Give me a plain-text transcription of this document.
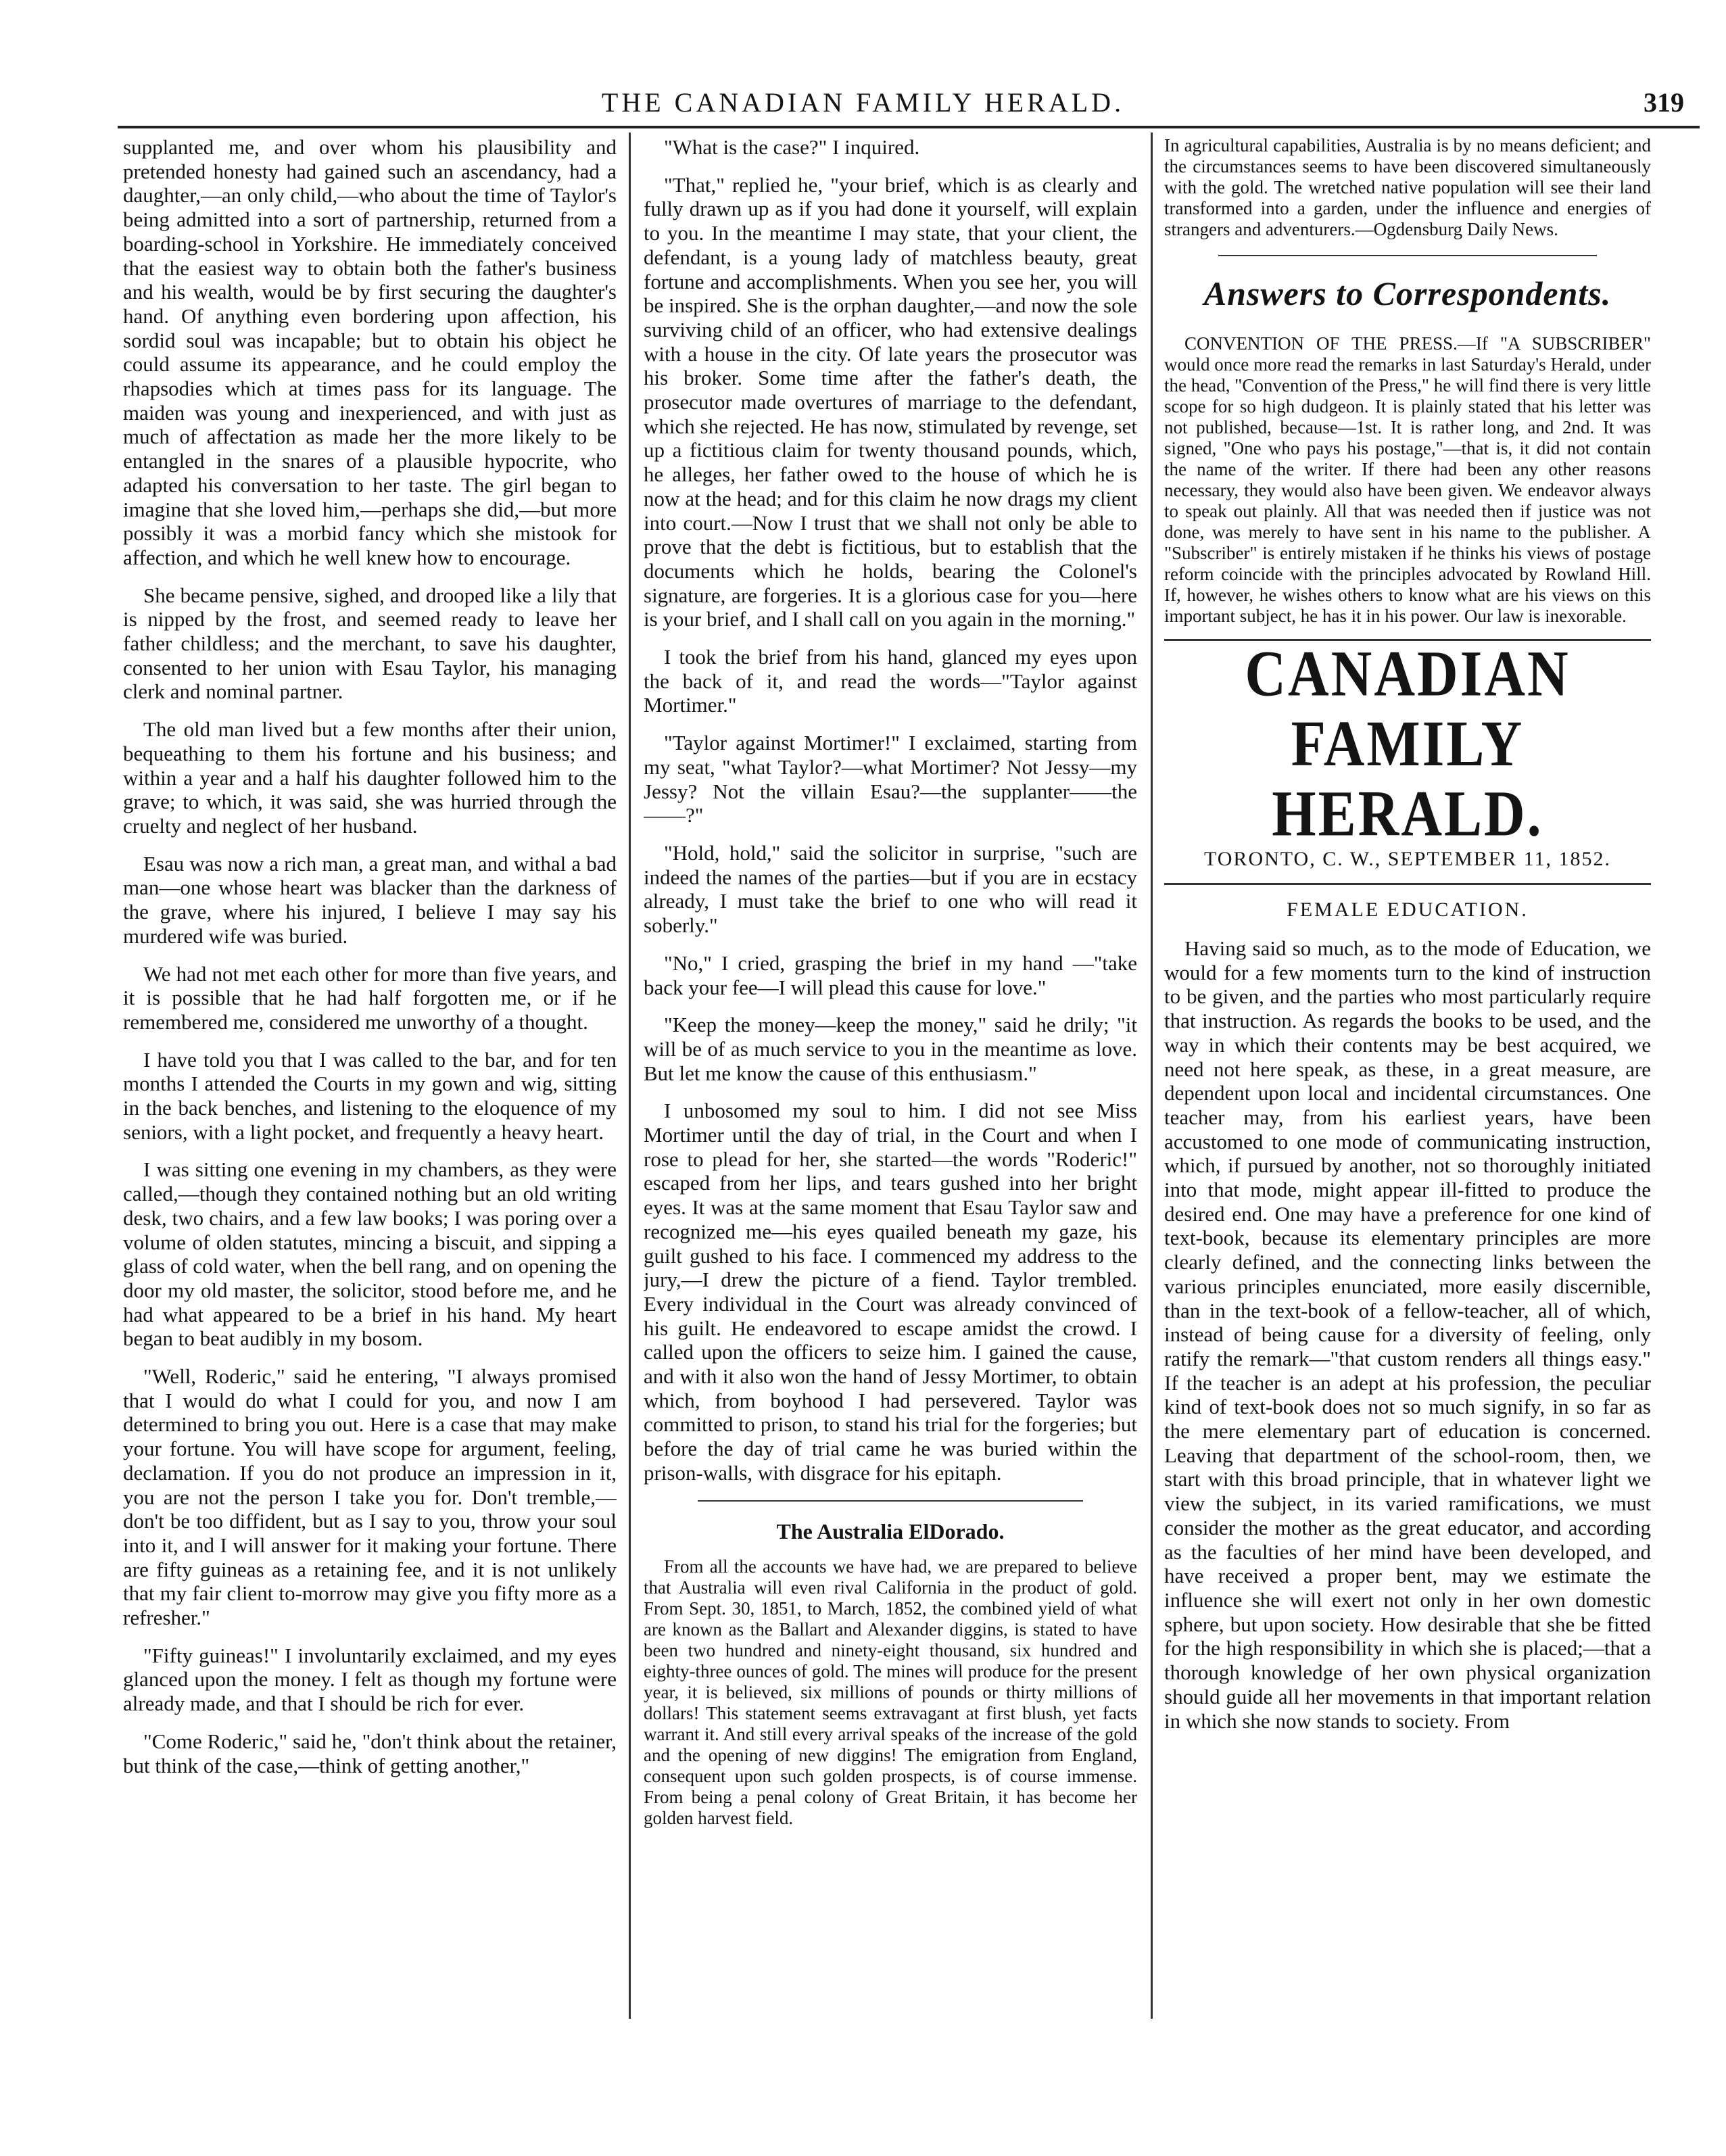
THE CANADIAN FAMILY HERALD.	319

supplanted me, and over whom his plausibility and pretended honesty had gained such an ascendancy, had a daughter,—an only child,—who about the time of Taylor's being admitted into a sort of partnership, returned from a boarding-school in Yorkshire. He immediately conceived that the easiest way to obtain both the father's business and his wealth, would be by first securing the daughter's hand. Of anything even bordering upon affection, his sordid soul was incapable; but to obtain his object he could assume its appearance, and he could employ the rhapsodies which at times pass for its language. The maiden was young and inexperienced, and with just as much of affectation as made her the more likely to be entangled in the snares of a plausible hypocrite, who adapted his conversation to her taste. The girl began to imagine that she loved him,—perhaps she did,—but more possibly it was a morbid fancy which she mistook for affection, and which he well knew how to encourage.

She became pensive, sighed, and drooped like a lily that is nipped by the frost, and seemed ready to leave her father childless; and the merchant, to save his daughter, consented to her union with Esau Taylor, his managing clerk and nominal partner.

The old man lived but a few months after their union, bequeathing to them his fortune and his business; and within a year and a half his daughter followed him to the grave; to which, it was said, she was hurried through the cruelty and neglect of her husband.

Esau was now a rich man, a great man, and withal a bad man—one whose heart was blacker than the darkness of the grave, where his injured, I believe I may say his murdered wife was buried.

We had not met each other for more than five years, and it is possible that he had half forgotten me, or if he remembered me, considered me unworthy of a thought.

I have told you that I was called to the bar, and for ten months I attended the Courts in my gown and wig, sitting in the back benches, and listening to the eloquence of my seniors, with a light pocket, and frequently a heavy heart.

I was sitting one evening in my chambers, as they were called,—though they contained nothing but an old writing desk, two chairs, and a few law books; I was poring over a volume of olden statutes, mincing a biscuit, and sipping a glass of cold water, when the bell rang, and on opening the door my old master, the solicitor, stood before me, and he had what appeared to be a brief in his hand. My heart began to beat audibly in my bosom.

"Well, Roderic," said he entering, "I always promised that I would do what I could for you, and now I am determined to bring you out. Here is a case that may make your fortune. You will have scope for argument, feeling, declamation. If you do not produce an impression in it, you are not the person I take you for. Don't tremble,—don't be too diffident, but as I say to you, throw your soul into it, and I will answer for it making your fortune. There are fifty guineas as a retaining fee, and it is not unlikely that my fair client to-morrow may give you fifty more as a refresher."

"Fifty guineas!" I involuntarily exclaimed, and my eyes glanced upon the money. I felt as though my fortune were already made, and that I should be rich for ever.

"Come Roderic," said he, "don't think about the retainer, but think of the case,—think of getting another,"

"What is the case?" I inquired.

"That," replied he, "your brief, which is as clearly and fully drawn up as if you had done it yourself, will explain to you. In the meantime I may state, that your client, the defendant, is a young lady of matchless beauty, great fortune and accomplishments. When you see her, you will be inspired. She is the orphan daughter,—and now the sole surviving child of an officer, who had extensive dealings with a house in the city. Of late years the prosecutor was his broker. Some time after the father's death, the prosecutor made overtures of marriage to the defendant, which she rejected. He has now, stimulated by revenge, set up a fictitious claim for twenty thousand pounds, which, he alleges, her father owed to the house of which he is now at the head; and for this claim he now drags my client into court.—Now I trust that we shall not only be able to prove that the debt is fictitious, but to establish that the documents which he holds, bearing the Colonel's signature, are forgeries. It is a glorious case for you—here is your brief, and I shall call on you again in the morning."

I took the brief from his hand, glanced my eyes upon the back of it, and read the words—"Taylor against Mortimer."

"Taylor against Mortimer!" I exclaimed, starting from my seat, "what Taylor?—what Mortimer? Not Jessy—my Jessy? Not the villain Esau?—the supplanter——the——?"

"Hold, hold," said the solicitor in surprise, "such are indeed the names of the parties—but if you are in ecstacy already, I must take the brief to one who will read it soberly."

"No," I cried, grasping the brief in my hand —"take back your fee—I will plead this cause for love."

"Keep the money—keep the money," said he drily; "it will be of as much service to you in the meantime as love. But let me know the cause of this enthusiasm."

I unbosomed my soul to him. I did not see Miss Mortimer until the day of trial, in the Court and when I rose to plead for her, she started—the words "Roderic!" escaped from her lips, and tears gushed into her bright eyes. It was at the same moment that Esau Taylor saw and recognized me—his eyes quailed beneath my gaze, his guilt gushed to his face. I commenced my address to the jury,—I drew the picture of a fiend. Taylor trembled. Every individual in the Court was already convinced of his guilt. He endeavored to escape amidst the crowd. I called upon the officers to seize him. I gained the cause, and with it also won the hand of Jessy Mortimer, to obtain which, from boyhood I had persevered. Taylor was committed to prison, to stand his trial for the forgeries; but before the day of trial came he was buried within the prison-walls, with disgrace for his epitaph.

The Australia ElDorado.

From all the accounts we have had, we are prepared to believe that Australia will even rival California in the product of gold. From Sept. 30, 1851, to March, 1852, the combined yield of what are known as the Ballart and Alexander diggins, is stated to have been two hundred and ninety-eight thousand, six hundred and eighty-three ounces of gold. The mines will produce for the present year, it is believed, six millions of pounds or thirty millions of dollars! This statement seems extravagant at first blush, yet facts warrant it. And still every arrival speaks of the increase of the gold and the opening of new diggins! The emigration from England, consequent upon such golden prospects, is of course immense. From being a penal colony of Great Britain, it has become her golden harvest field.

In agricultural capabilities, Australia is by no means deficient; and the circumstances seems to have been discovered simultaneously with the gold. The wretched native population will see their land transformed into a garden, under the influence and energies of strangers and adventurers.—Ogdensburg Daily News.

Answers to Correspondents.

CONVENTION OF THE PRESS.—If "A SUBSCRIBER" would once more read the remarks in last Saturday's Herald, under the head, "Convention of the Press," he will find there is very little scope for so high dudgeon. It is plainly stated that his letter was not published, because—1st. It is rather long, and 2nd. It was signed, "One who pays his postage,"—that is, it did not contain the name of the writer. If there had been any other reasons necessary, they would also have been given. We endeavor always to speak out plainly. All that was needed then if justice was not done, was merely to have sent in his name to the publisher. A "Subscriber" is entirely mistaken if he thinks his views of postage reform coincide with the principles advocated by Rowland Hill. If, however, he wishes others to know what are his views on this important subject, he has it in his power. Our law is inexorable.

CANADIAN FAMILY HERALD.
TORONTO, C. W., SEPTEMBER 11, 1852.
FEMALE EDUCATION.

Having said so much, as to the mode of Education, we would for a few moments turn to the kind of instruction to be given, and the parties who most particularly require that instruction. As regards the books to be used, and the way in which their contents may be best acquired, we need not here speak, as these, in a great measure, are dependent upon local and incidental circumstances. One teacher may, from his earliest years, have been accustomed to one mode of communicating instruction, which, if pursued by another, not so thoroughly initiated into that mode, might appear ill-fitted to produce the desired end. One may have a preference for one kind of text-book, because its elementary principles are more clearly defined, and the connecting links between the various principles enunciated, more easily discernible, than in the text-book of a fellow-teacher, all of which, instead of being cause for a diversity of feeling, only ratify the remark—"that custom renders all things easy." If the teacher is an adept at his profession, the peculiar kind of text-book does not so much signify, in so far as the mere elementary part of education is concerned. Leaving that department of the school-room, then, we start with this broad principle, that in whatever light we view the subject, in its varied ramifications, we must consider the mother as the great educator, and according as the faculties of her mind have been developed, and have received a proper bent, may we estimate the influence she will exert not only in her own domestic sphere, but upon society. How desirable that she be fitted for the high responsibility in which she is placed;—that a thorough knowledge of her own physical organization should guide all her movements in that important relation in which she now stands to society. From
